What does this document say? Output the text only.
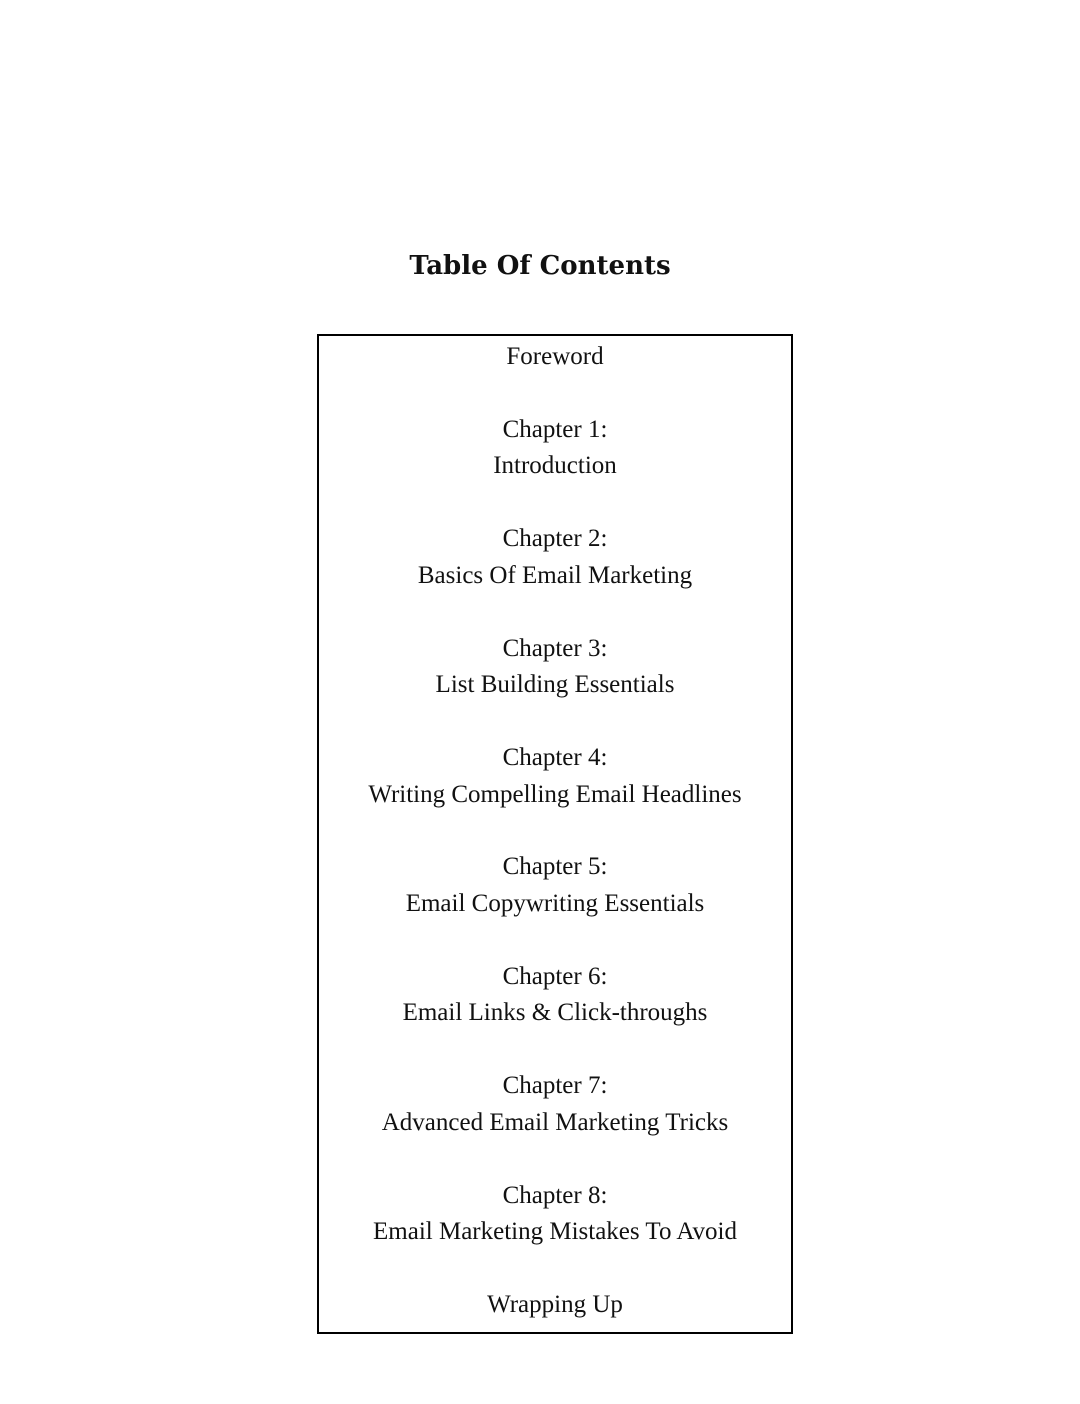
Table Of Contents
Foreword
Chapter 1:
Introduction
Chapter 2:
Basics Of Email Marketing
Chapter 3:
List Building Essentials
Chapter 4:
Writing Compelling Email Headlines
Chapter 5:
Email Copywriting Essentials
Chapter 6:
Email Links & Click-throughs
Chapter 7:
Advanced Email Marketing Tricks
Chapter 8:
Email Marketing Mistakes To Avoid
Wrapping Up
